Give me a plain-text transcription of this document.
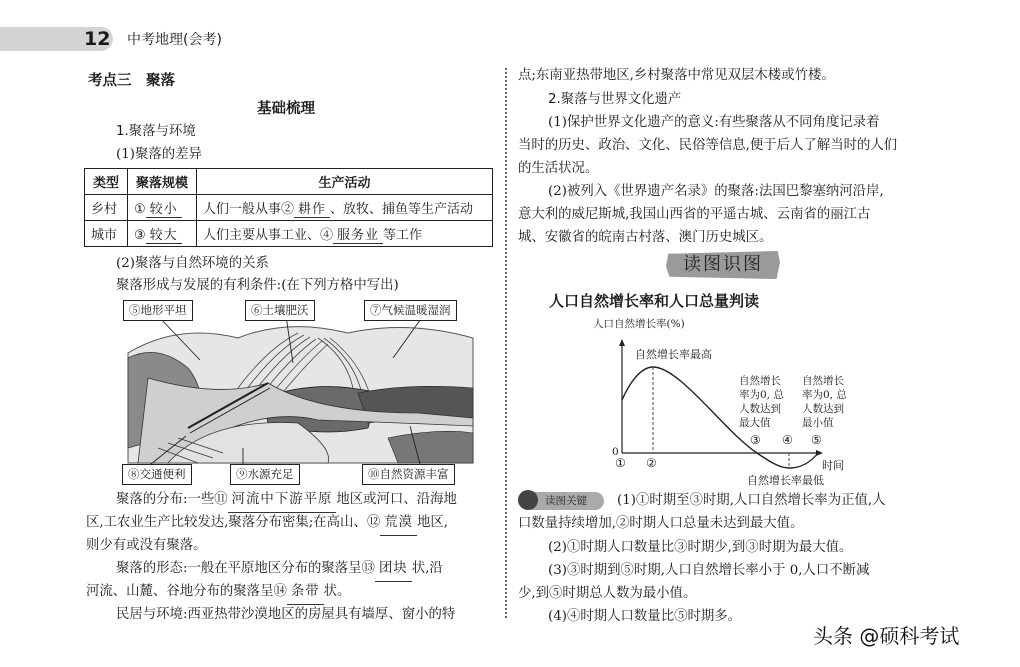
12 中考地理(会考)
考点三　聚落
基础梳理
1.聚落与环境
(1)聚落的差异
类型	聚落规模	生产活动
乡村	① 较小	人们一般从事② 耕作 、放牧、捕鱼等生产活动
城市	③ 较大	人们主要从事工业、④ 服务业 等工作
(2)聚落与自然环境的关系
聚落形成与发展的有利条件:(在下列方格中写出)
⑤地形平坦	⑥土壤肥沃	⑦气候温暖湿润
⑧交通便利	⑨水源充足	⑩自然资源丰富
聚落的分布:一些⑪ 河流中下游平原 地区或河口、沿海地
区,工农业生产比较发达,聚落分布密集;在高山、⑫ 荒漠 地区,
则少有或没有聚落。
聚落的形态:一般在平原地区分布的聚落呈⑬ 团块 状,沿
河流、山麓、谷地分布的聚落呈⑭ 条带 状。
民居与环境:西亚热带沙漠地区的房屋具有墙厚、窗小的特
点;东南亚热带地区,乡村聚落中常见双层木楼或竹楼。
2.聚落与世界文化遗产
(1)保护世界文化遗产的意义:有些聚落从不同角度记录着
当时的历史、政治、文化、民俗等信息,便于后人了解当时的人们
的生活状况。
(2)被列入《世界遗产名录》的聚落:法国巴黎塞纳河沿岸,
意大利的威尼斯城,我国山西省的平遥古城、云南省的丽江古
城、安徽省的皖南古村落、澳门历史城区。
读图识图
人口自然增长率和人口总量判读
人口自然增长率(%)
0
① ②
③ ④ ⑤
时间
自然增长率最高
自然增长率最低
自然增长
率为0, 总
人数达到
最大值
自然增长
率为0, 总
人数达到
最小值
读图关键 (1)①时期至③时期,人口自然增长率为正值,人
口数量持续增加,②时期人口总量未达到最大值。
(2)①时期人口数量比③时期少,到③时期为最大值。
(3)③时期到⑤时期,人口自然增长率小于 0,人口不断减
少,到⑤时期总人数为最小值。
(4)④时期人口数量比⑤时期多。
头条 @硕科考试
